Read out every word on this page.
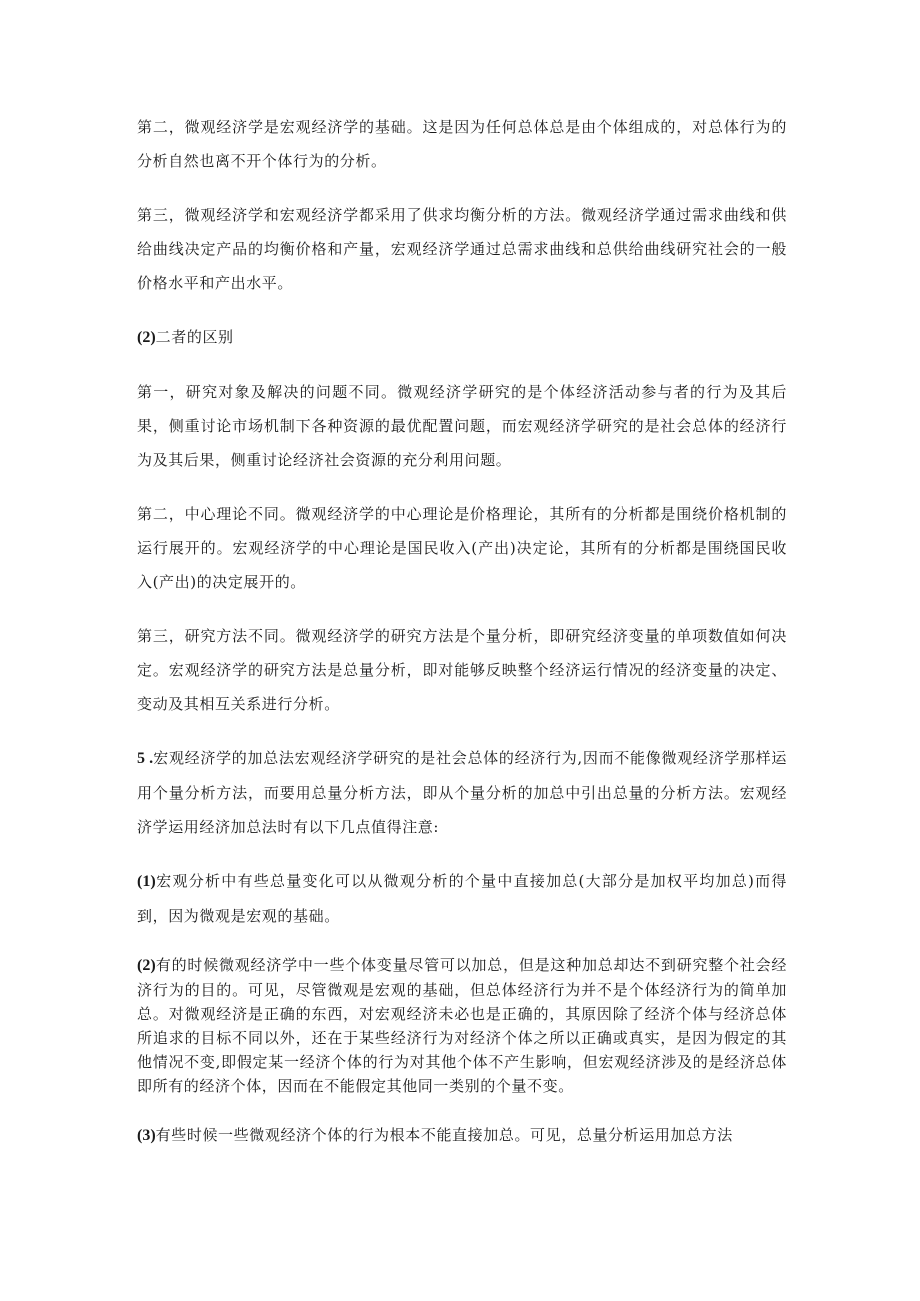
第二，微观经济学是宏观经济学的基础。这是因为任何总体总是由个体组成的，对总体行为的分析自然也离不开个体行为的分析。

第三，微观经济学和宏观经济学都采用了供求均衡分析的方法。微观经济学通过需求曲线和供给曲线决定产品的均衡价格和产量，宏观经济学通过总需求曲线和总供给曲线研究社会的一般价格水平和产出水平。

(2)二者的区别

第一，研究对象及解决的问题不同。微观经济学研究的是个体经济活动参与者的行为及其后果，侧重讨论市场机制下各种资源的最优配置问题，而宏观经济学研究的是社会总体的经济行为及其后果，侧重讨论经济社会资源的充分利用问题。

第二，中心理论不同。微观经济学的中心理论是价格理论，其所有的分析都是围绕价格机制的运行展开的。宏观经济学的中心理论是国民收入(产出)决定论，其所有的分析都是围绕国民收入(产出)的决定展开的。

第三，研究方法不同。微观经济学的研究方法是个量分析，即研究经济变量的单项数值如何决定。宏观经济学的研究方法是总量分析，即对能够反映整个经济运行情况的经济变量的决定、变动及其相互关系进行分析。

5 .宏观经济学的加总法宏观经济学研究的是社会总体的经济行为,因而不能像微观经济学那样运用个量分析方法，而要用总量分析方法，即从个量分析的加总中引出总量的分析方法。宏观经济学运用经济加总法时有以下几点值得注意:

(1)宏观分析中有些总量变化可以从微观分析的个量中直接加总(大部分是加权平均加总)而得到，因为微观是宏观的基础。

(2)有的时候微观经济学中一些个体变量尽管可以加总，但是这种加总却达不到研究整个社会经济行为的目的。可见，尽管微观是宏观的基础，但总体经济行为并不是个体经济行为的简单加总。对微观经济是正确的东西，对宏观经济未必也是正确的，其原因除了经济个体与经济总体所追求的目标不同以外，还在于某些经济行为对经济个体之所以正确或真实，是因为假定的其他情况不变,即假定某一经济个体的行为对其他个体不产生影响，但宏观经济涉及的是经济总体即所有的经济个体，因而在不能假定其他同一类别的个量不变。

(3)有些时候一些微观经济个体的行为根本不能直接加总。可见，总量分析运用加总方法
